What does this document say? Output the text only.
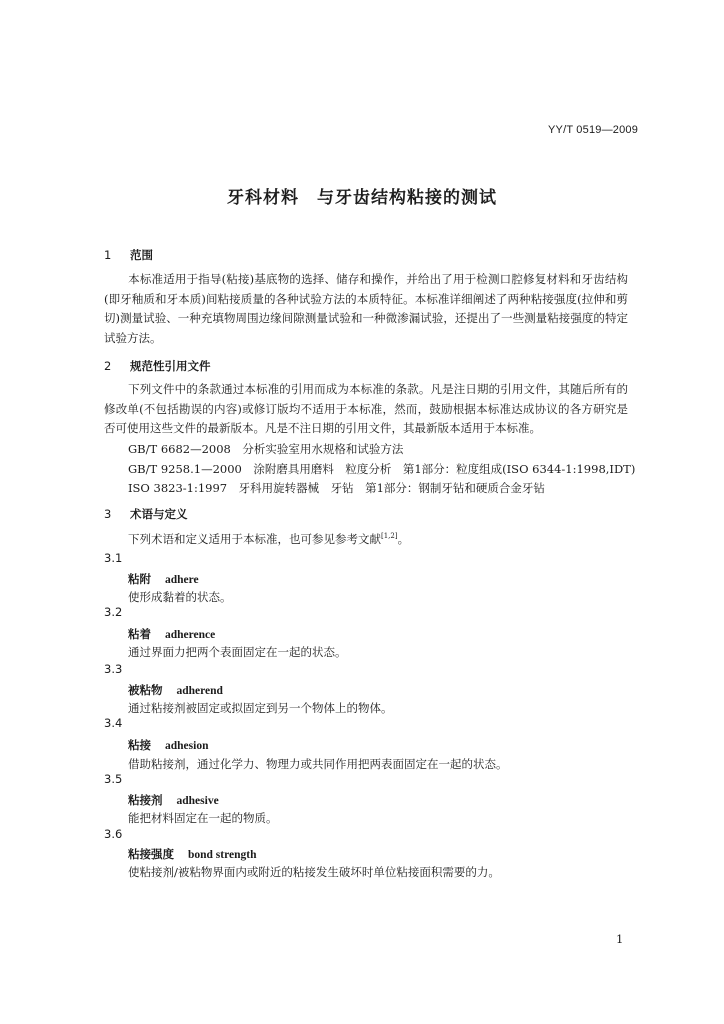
YY/T 0519—2009
牙科材料　与牙齿结构粘接的测试
1 范围
本标准适用于指导(粘接)基底物的选择、储存和操作，并给出了用于检测口腔修复材料和牙齿结构(即牙釉质和牙本质)间粘接质量的各种试验方法的本质特征。本标准详细阐述了两种粘接强度(拉伸和剪切)测量试验、一种充填物周围边缘间隙测量试验和一种微渗漏试验，还提出了一些测量粘接强度的特定试验方法。
2 规范性引用文件
下列文件中的条款通过本标准的引用而成为本标准的条款。凡是注日期的引用文件，其随后所有的修改单(不包括勘误的内容)或修订版均不适用于本标准，然而，鼓励根据本标准达成协议的各方研究是否可使用这些文件的最新版本。凡是不注日期的引用文件，其最新版本适用于本标准。
GB/T 6682—2008　分析实验室用水规格和试验方法
GB/T 9258.1—2000　涂附磨具用磨料　粒度分析　第1部分：粒度组成(ISO 6344-1:1998,IDT)
ISO 3823-1:1997　牙科用旋转器械　牙钻　第1部分：钢制牙钻和硬质合金牙钻
3 术语与定义
下列术语和定义适用于本标准，也可参见参考文献[1,2]。
3.1
粘附 adhere
使形成黏着的状态。
3.2
粘着 adherence
通过界面力把两个表面固定在一起的状态。
3.3
被粘物 adherend
通过粘接剂被固定或拟固定到另一个物体上的物体。
3.4
粘接 adhesion
借助粘接剂，通过化学力、物理力或共同作用把两表面固定在一起的状态。
3.5
粘接剂 adhesive
能把材料固定在一起的物质。
3.6
粘接强度 bond strength
使粘接剂/被粘物界面内或附近的粘接发生破坏时单位粘接面积需要的力。
1
